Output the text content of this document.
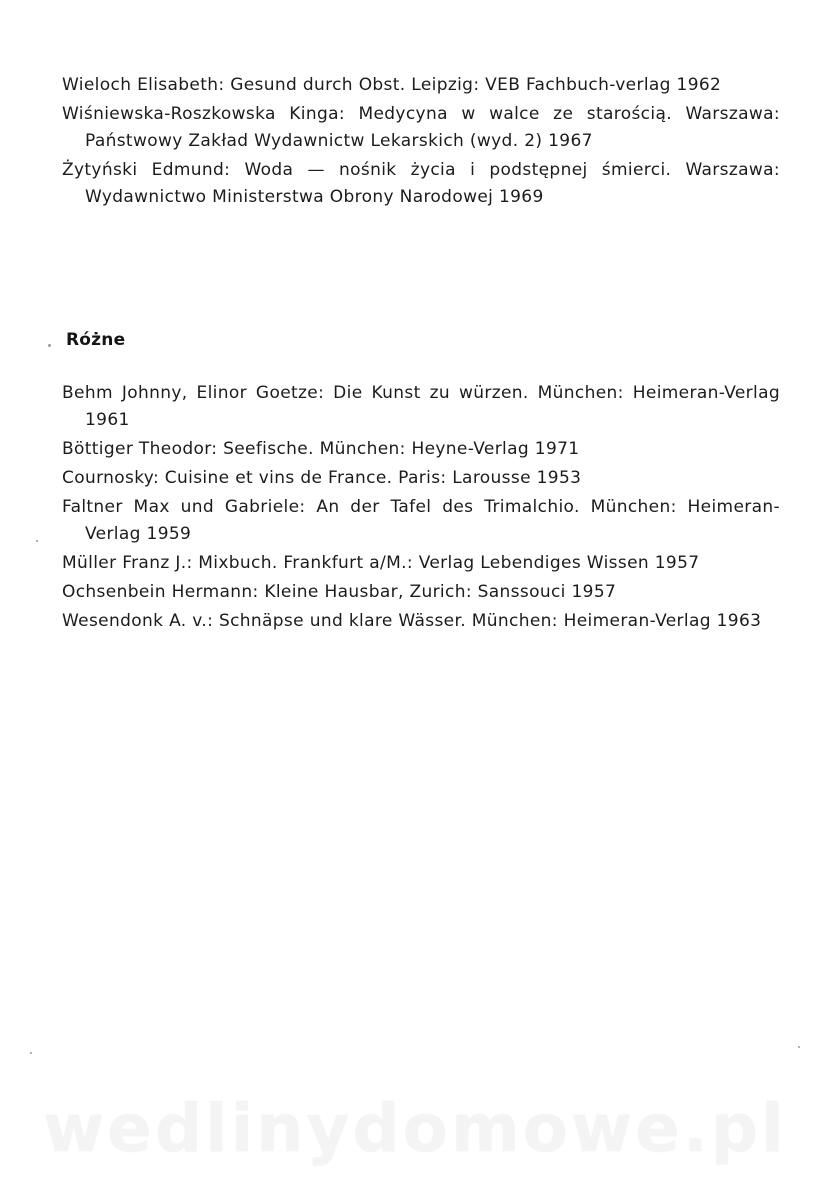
Wieloch Elisabeth: Gesund durch Obst. Leipzig: VEB Fachbuch-verlag 1962

Wiśniewska-Roszkowska Kinga: Medycyna w walce ze starością. Warszawa: Państwowy Zakład Wydawnictw Lekarskich (wyd. 2) 1967

Żytyński Edmund: Woda — nośnik życia i podstępnej śmierci. Warszawa: Wydawnictwo Ministerstwa Obrony Narodowej 1969

Różne

Behm Johnny, Elinor Goetze: Die Kunst zu würzen. München: Heimeran-Verlag 1961

Böttiger Theodor: Seefische. München: Heyne-Verlag 1971

Cournosky: Cuisine et vins de France. Paris: Larousse 1953

Faltner Max und Gabriele: An der Tafel des Trimalchio. München: Heimeran-Verlag 1959

Müller Franz J.: Mixbuch. Frankfurt a/M.: Verlag Lebendiges Wissen 1957

Ochsenbein Hermann: Kleine Hausbar, Zurich: Sanssouci 1957

Wesendonk A. v.: Schnäpse und klare Wässer. München: Heimeran-Verlag 1963

wedlinydomowe.pl
